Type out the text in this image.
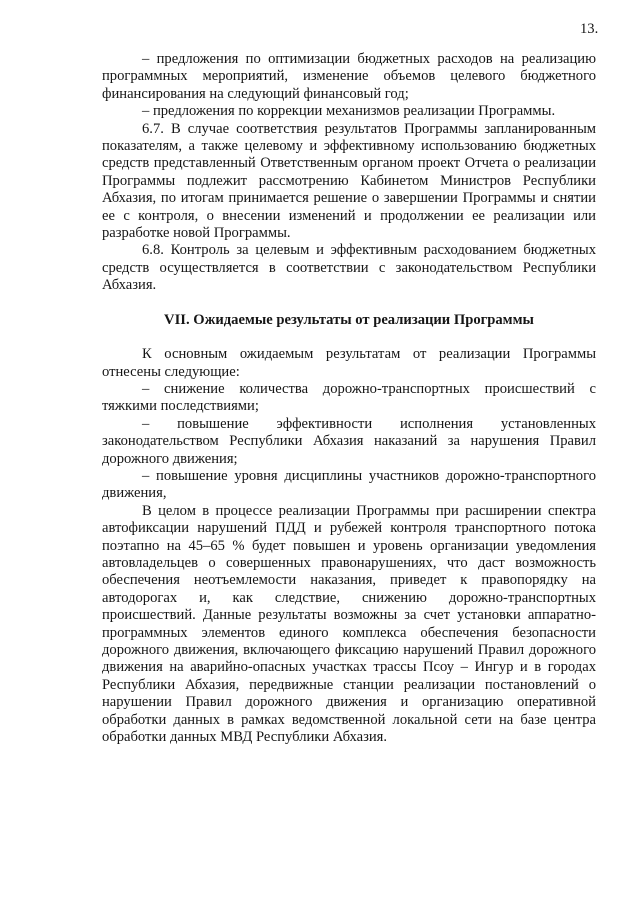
13.

– предложения по оптимизации бюджетных расходов на реализацию программных мероприятий, изменение объемов целевого бюджетного финансирования на следующий финансовый год;

– предложения по коррекции механизмов реализации Программы.

6.7. В случае соответствия результатов Программы запланированным показателям, а также целевому и эффективному использованию бюджетных средств представленный Ответственным органом проект Отчета о реализации Программы подлежит рассмотрению Кабинетом Министров Республики Абхазия, по итогам принимается решение о завершении Программы и снятии ее с контроля, о внесении изменений и продолжении ее реализации или разработке новой Программы.

6.8. Контроль за целевым и эффективным расходованием бюджетных средств осуществляется в соответствии с законодательством Республики Абхазия.

VII. Ожидаемые результаты от реализации Программы

К основным ожидаемым результатам от реализации Программы отнесены следующие:

– снижение количества дорожно-транспортных происшествий с тяжкими последствиями;

– повышение эффективности исполнения установленных законодательством Республики Абхазия наказаний за нарушения Правил дорожного движения;

– повышение уровня дисциплины участников дорожно-транспортного движения,

В целом в процессе реализации Программы при расширении спектра автофиксации нарушений ПДД и рубежей контроля транспортного потока поэтапно на 45–65 % будет повышен и уровень организации уведомления автовладельцев о совершенных правонарушениях, что даст возможность обеспечения неотъемлемости наказания, приведет к правопорядку на автодорогах и, как следствие, снижению дорожно-транспортных происшествий. Данные результаты возможны за счет установки аппаратно-программных элементов единого комплекса обеспечения безопасности дорожного движения, включающего фиксацию нарушений Правил дорожного движения на аварийно-опасных участках трассы Псоу – Ингур и в городах Республики Абхазия, передвижные станции реализации постановлений о нарушении Правил дорожного движения и организацию оперативной обработки данных в рамках ведомственной локальной сети на базе центра обработки данных МВД Республики Абхазия.
